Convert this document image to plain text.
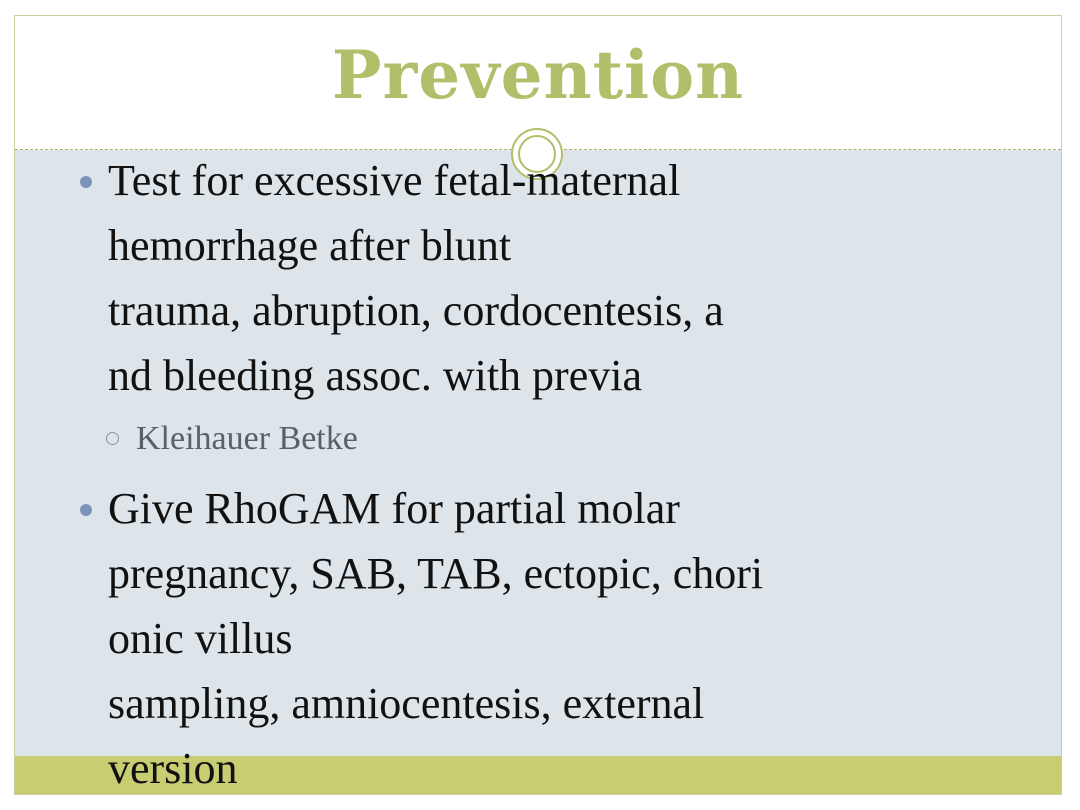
Prevention
Test for excessive fetal-maternal
hemorrhage after blunt
trauma, abruption, cordocentesis, a
nd bleeding assoc. with previa
Kleihauer Betke
Give RhoGAM for partial molar
pregnancy, SAB, TAB, ectopic, chori
onic villus
sampling, amniocentesis, external
version
